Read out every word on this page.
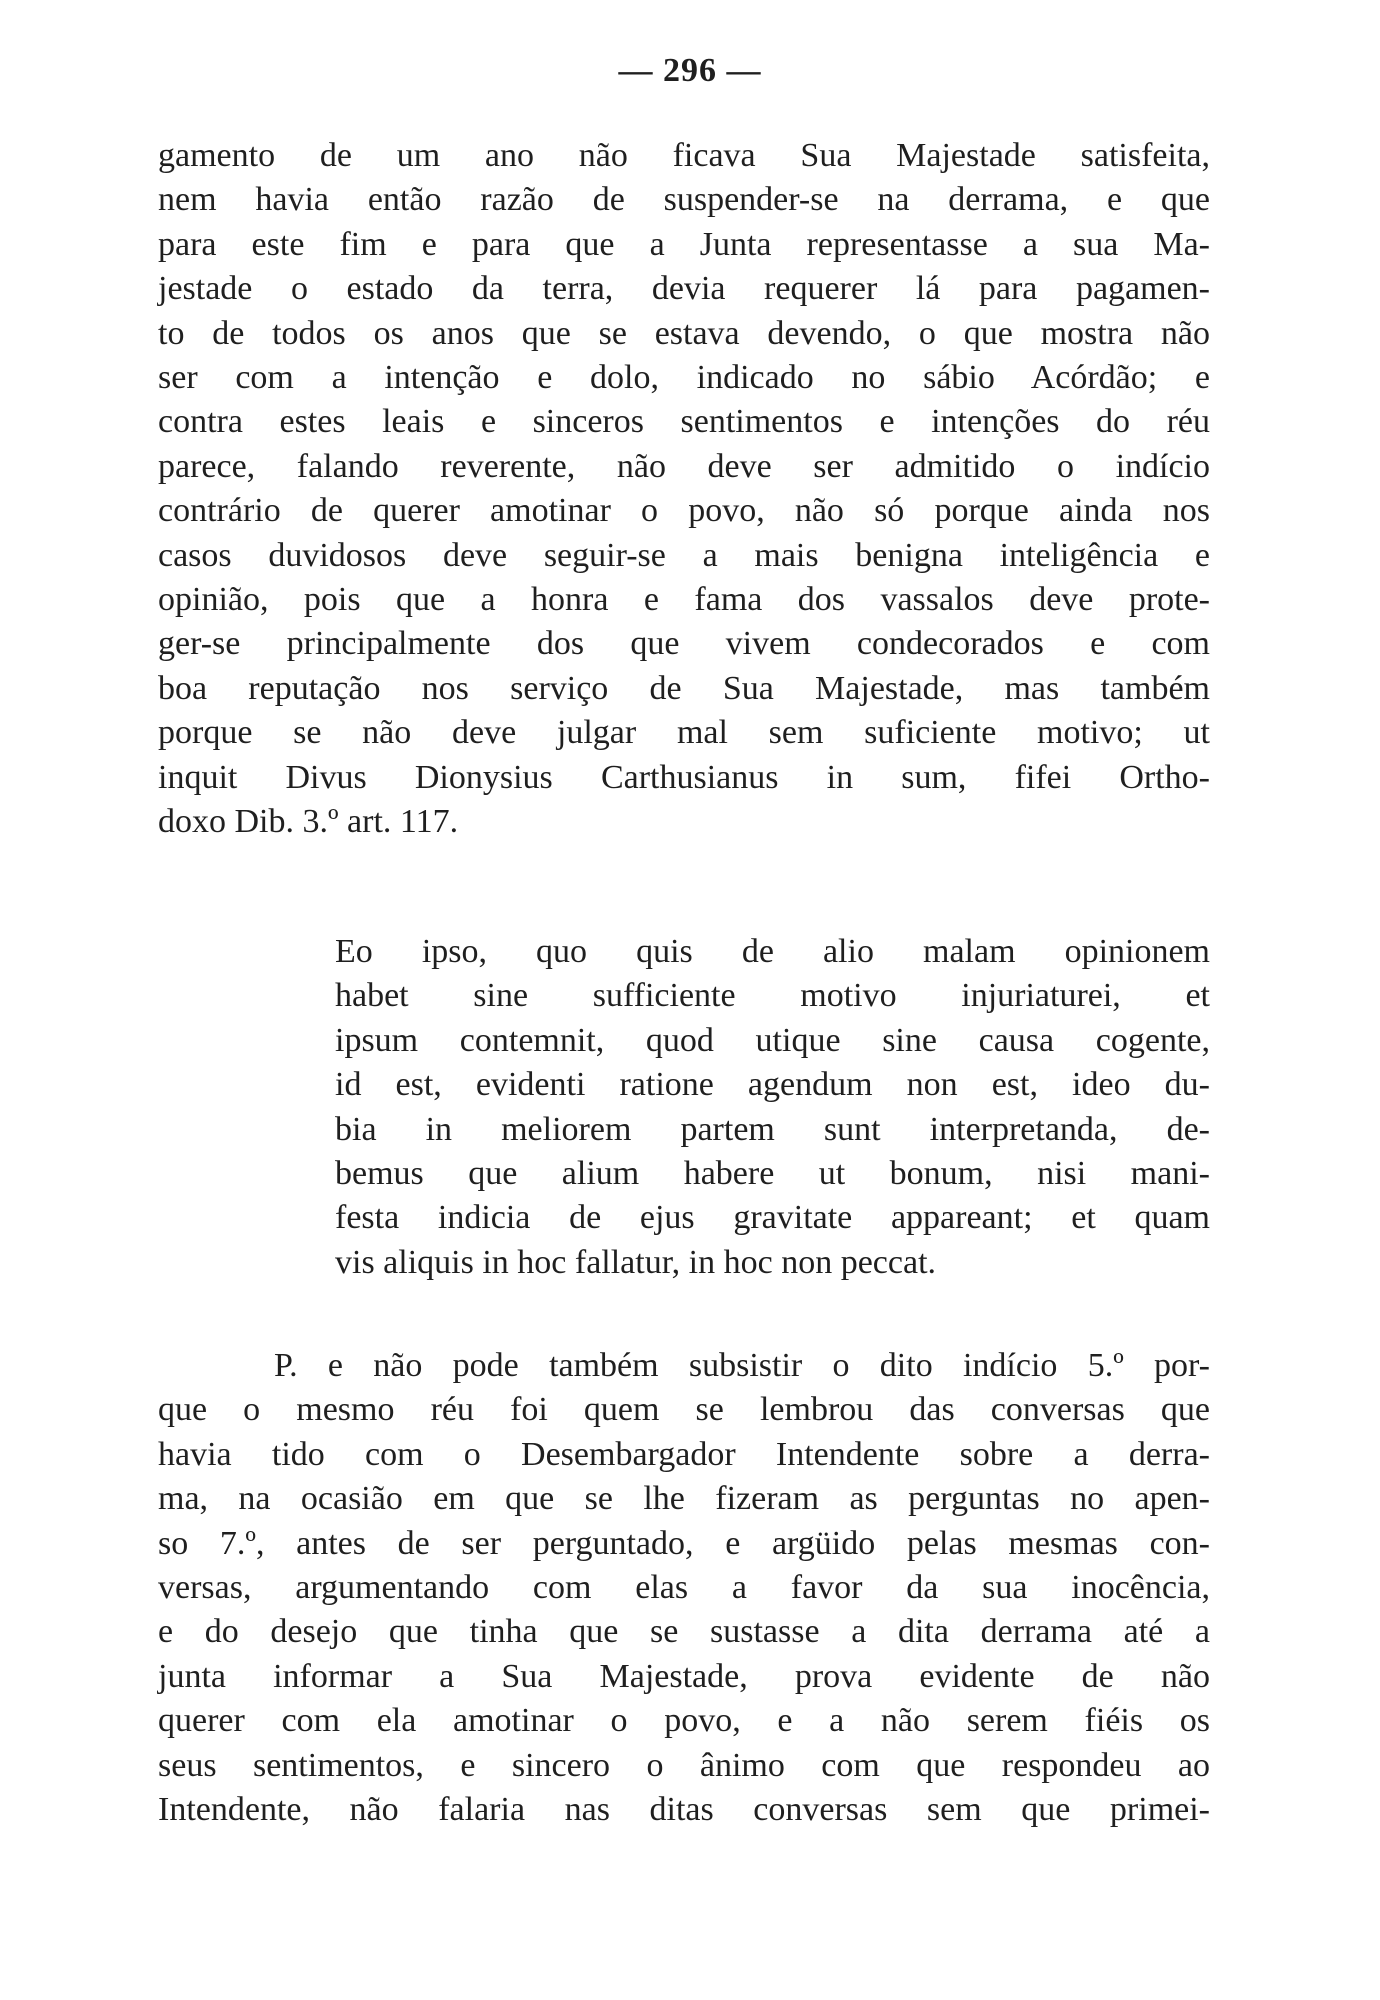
— 296 —
gamento de um ano não ficava Sua Majestade satisfeita,
nem havia então razão de suspender-se na derrama, e que
para este fim e para que a Junta representasse a sua Ma-
jestade o estado da terra, devia requerer lá para pagamen-
to de todos os anos que se estava devendo, o que mostra não
ser com a intenção e dolo, indicado no sábio Acórdão; e
contra estes leais e sinceros sentimentos e intenções do réu
parece, falando reverente, não deve ser admitido o indício
contrário de querer amotinar o povo, não só porque ainda nos
casos duvidosos deve seguir-se a mais benigna inteligência e
opinião, pois que a honra e fama dos vassalos deve prote-
ger-se principalmente dos que vivem condecorados e com
boa reputação nos serviço de Sua Majestade, mas também
porque se não deve julgar mal sem suficiente motivo; ut
inquit Divus Dionysius Carthusianus in sum, fifei Ortho-
doxo Dib. 3.º art. 117.
Eo ipso, quo quis de alio malam opinionem
habet sine sufficiente motivo injuriaturei, et
ipsum contemnit, quod utique sine causa cogente,
id est, evidenti ratione agendum non est, ideo du-
bia in meliorem partem sunt interpretanda, de-
bemus que alium habere ut bonum, nisi mani-
festa indicia de ejus gravitate appareant; et quam
vis aliquis in hoc fallatur, in hoc non peccat.
P. e não pode também subsistir o dito indício 5.º por-
que o mesmo réu foi quem se lembrou das conversas que
havia tido com o Desembargador Intendente sobre a derra-
ma, na ocasião em que se lhe fizeram as perguntas no apen-
so 7.º, antes de ser perguntado, e argüido pelas mesmas con-
versas, argumentando com elas a favor da sua inocência,
e do desejo que tinha que se sustasse a dita derrama até a
junta informar a Sua Majestade, prova evidente de não
querer com ela amotinar o povo, e a não serem fiéis os
seus sentimentos, e sincero o ânimo com que respondeu ao
Intendente, não falaria nas ditas conversas sem que primei-
